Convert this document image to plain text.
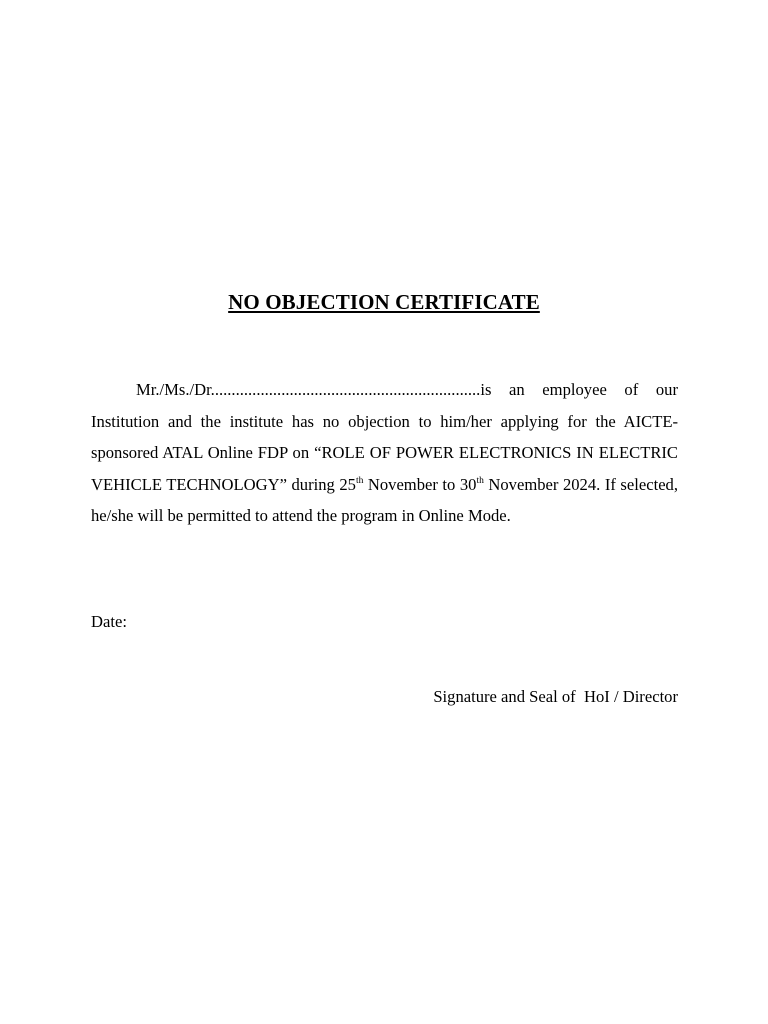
NO OBJECTION CERTIFICATE

Mr./Ms./Dr.................................................................is an employee of our Institution and the institute has no objection to him/her applying for the AICTE-sponsored ATAL Online FDP on “ROLE OF POWER ELECTRONICS IN ELECTRIC VEHICLE TECHNOLOGY” during 25th November to 30th November 2024. If selected, he/she will be permitted to attend the program in Online Mode.

Date:
Signature and Seal of  HoI / Director
